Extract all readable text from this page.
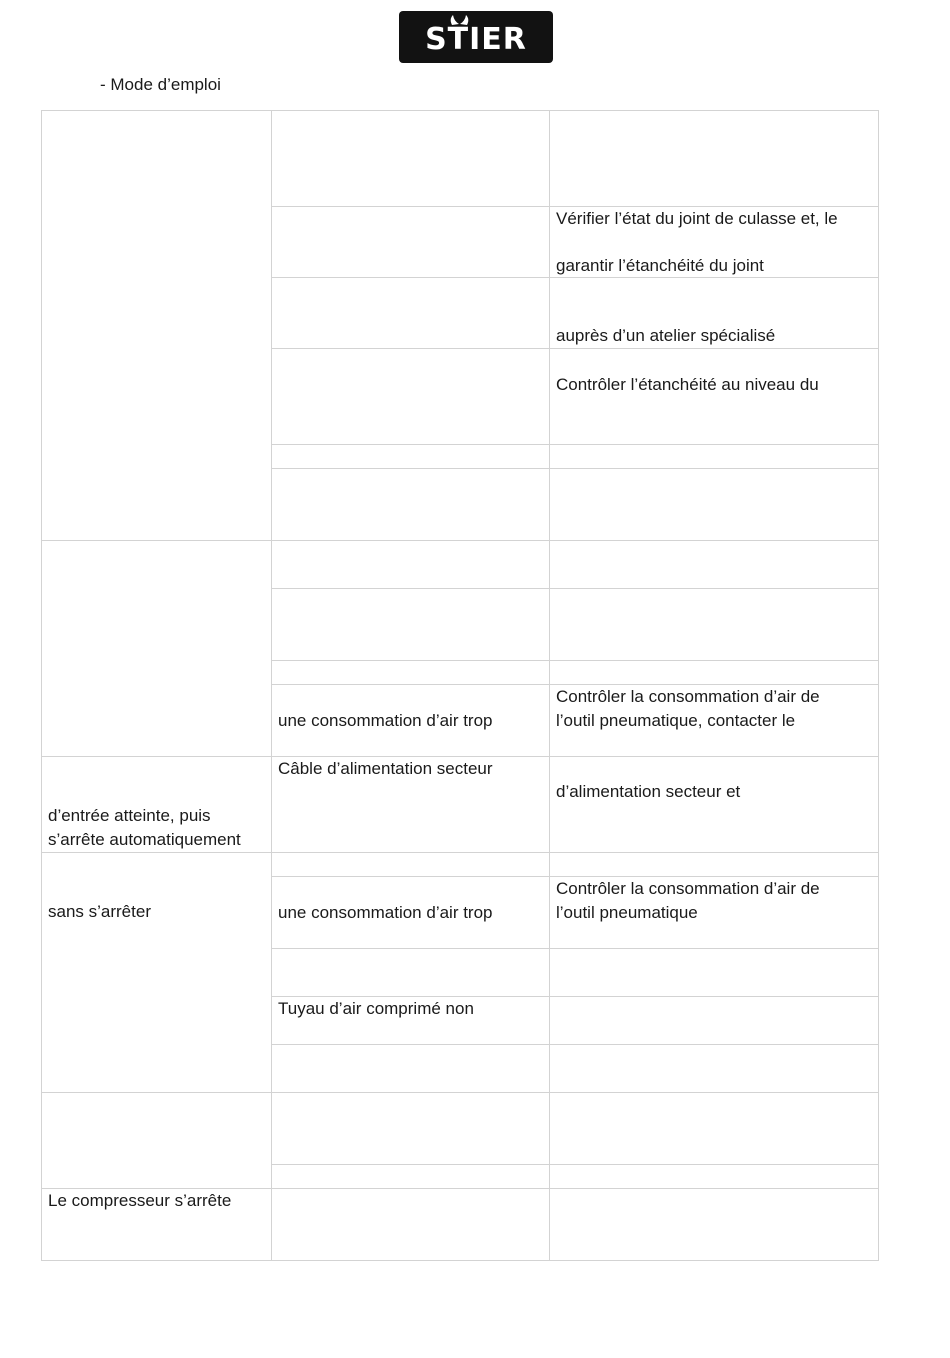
STIER
- Mode d’emploi

		Vérifier l’état du joint de culasse et, le
garantir l’étanchéité du joint

		auprès d’un atelier spécialisé

		Contrôler l’étanchéité au niveau du

	une consommation d’air trop	Contrôler la consommation d’air de
l’outil pneumatique, contacter le

d’entrée atteinte, puis
s’arrête automatiquement	Câble d’alimentation secteur	d’alimentation secteur et

sans s’arrêter		

	une consommation d’air trop	Contrôler la consommation d’air de
l’outil pneumatique

	Tuyau d’air comprimé non	

Le compresseur s’arrête		
